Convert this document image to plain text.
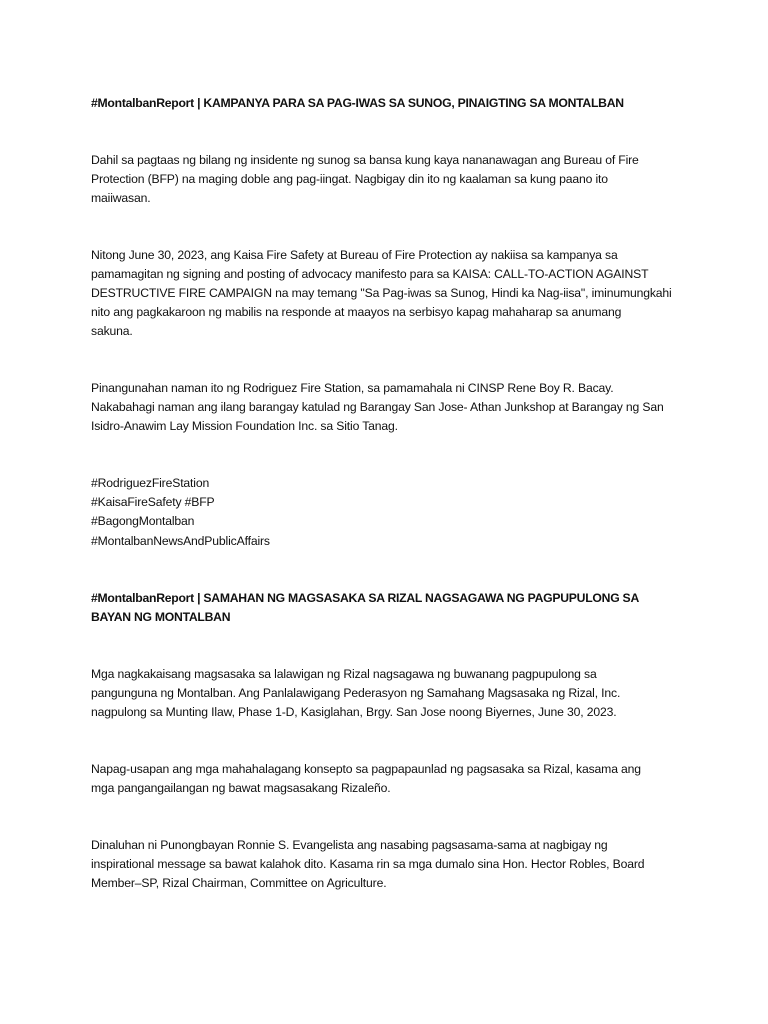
#MontalbanReport | KAMPANYA PARA SA PAG-IWAS SA SUNOG, PINAIGTING SA MONTALBAN
Dahil sa pagtaas ng bilang ng insidente ng sunog sa bansa kung kaya nananawagan ang Bureau of Fire
Protection (BFP) na maging doble ang pag-iingat. Nagbigay din ito ng kaalaman sa kung paano ito
maiiwasan.
Nitong June 30, 2023, ang Kaisa Fire Safety at Bureau of Fire Protection ay nakiisa sa kampanya sa
pamamagitan ng signing and posting of advocacy manifesto para sa KAISA: CALL-TO-ACTION AGAINST
DESTRUCTIVE FIRE CAMPAIGN na may temang "Sa Pag-iwas sa Sunog, Hindi ka Nag-iisa", iminumungkahi
nito ang pagkakaroon ng mabilis na responde at maayos na serbisyo kapag mahaharap sa anumang
sakuna.
Pinangunahan naman ito ng Rodriguez Fire Station, sa pamamahala ni CINSP Rene Boy R. Bacay.
Nakabahagi naman ang ilang barangay katulad ng Barangay San Jose- Athan Junkshop at Barangay ng San
Isidro-Anawim Lay Mission Foundation Inc. sa Sitio Tanag.
#RodriguezFireStation
#KaisaFireSafety #BFP
#BagongMontalban
#MontalbanNewsAndPublicAffairs
#MontalbanReport | SAMAHAN NG MAGSASAKA SA RIZAL NAGSAGAWA NG PAGPUPULONG SA
BAYAN NG MONTALBAN
Mga nagkakaisang magsasaka sa lalawigan ng Rizal nagsagawa ng buwanang pagpupulong sa
pangunguna ng Montalban. Ang Panlalawigang Pederasyon ng Samahang Magsasaka ng Rizal, Inc.
nagpulong sa Munting Ilaw, Phase 1-D, Kasiglahan, Brgy. San Jose noong Biyernes, June 30, 2023.
Napag-usapan ang mga mahahalagang konsepto sa pagpapaunlad ng pagsasaka sa Rizal, kasama ang
mga pangangailangan ng bawat magsasakang Rizaleño.
Dinaluhan ni Punongbayan Ronnie S. Evangelista ang nasabing pagsasama-sama at nagbigay ng
inspirational message sa bawat kalahok dito. Kasama rin sa mga dumalo sina Hon. Hector Robles, Board
Member–SP, Rizal Chairman, Committee on Agriculture.
